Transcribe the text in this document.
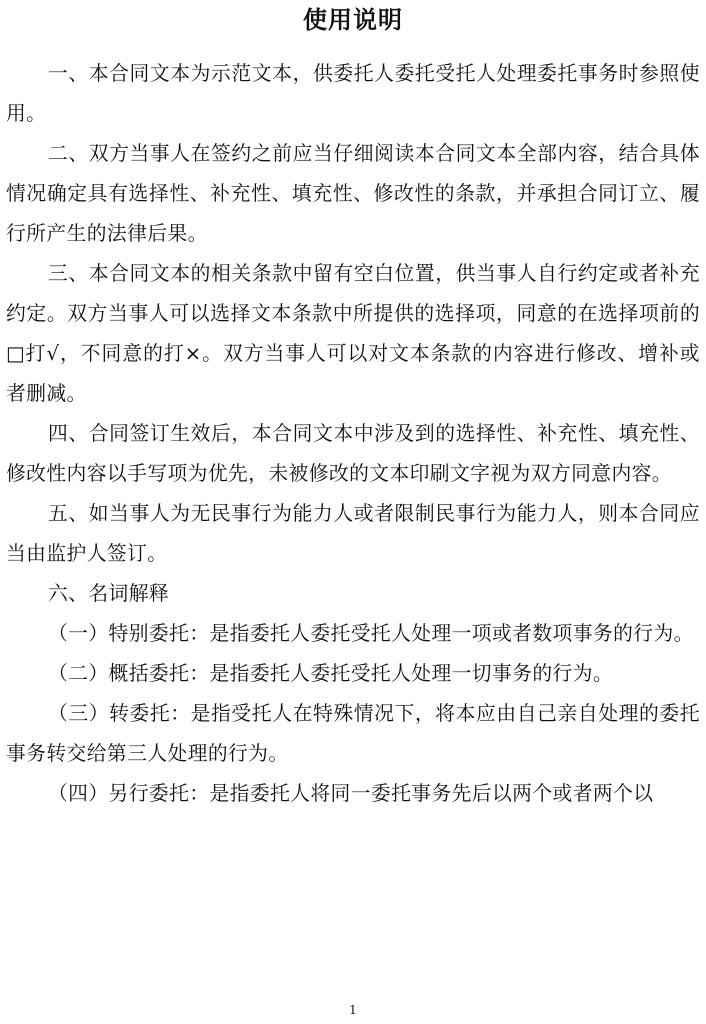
使用说明

一、本合同文本为示范文本，供委托人委托受托人处理委托事务时参照使用。

二、双方当事人在签约之前应当仔细阅读本合同文本全部内容，结合具体情况确定具有选择性、补充性、填充性、修改性的条款，并承担合同订立、履行所产生的法律后果。

三、本合同文本的相关条款中留有空白位置，供当事人自行约定或者补充约定。双方当事人可以选择文本条款中所提供的选择项，同意的在选择项前的□打√，不同意的打×。双方当事人可以对文本条款的内容进行修改、增补或者删减。

四、合同签订生效后，本合同文本中涉及到的选择性、补充性、填充性、修改性内容以手写项为优先，未被修改的文本印刷文字视为双方同意内容。

五、如当事人为无民事行为能力人或者限制民事行为能力人，则本合同应当由监护人签订。

六、名词解释

（一）特别委托：是指委托人委托受托人处理一项或者数项事务的行为。

（二）概括委托：是指委托人委托受托人处理一切事务的行为。

（三）转委托：是指受托人在特殊情况下，将本应由自己亲自处理的委托事务转交给第三人处理的行为。

（四）另行委托：是指委托人将同一委托事务先后以两个或者两个以

1
